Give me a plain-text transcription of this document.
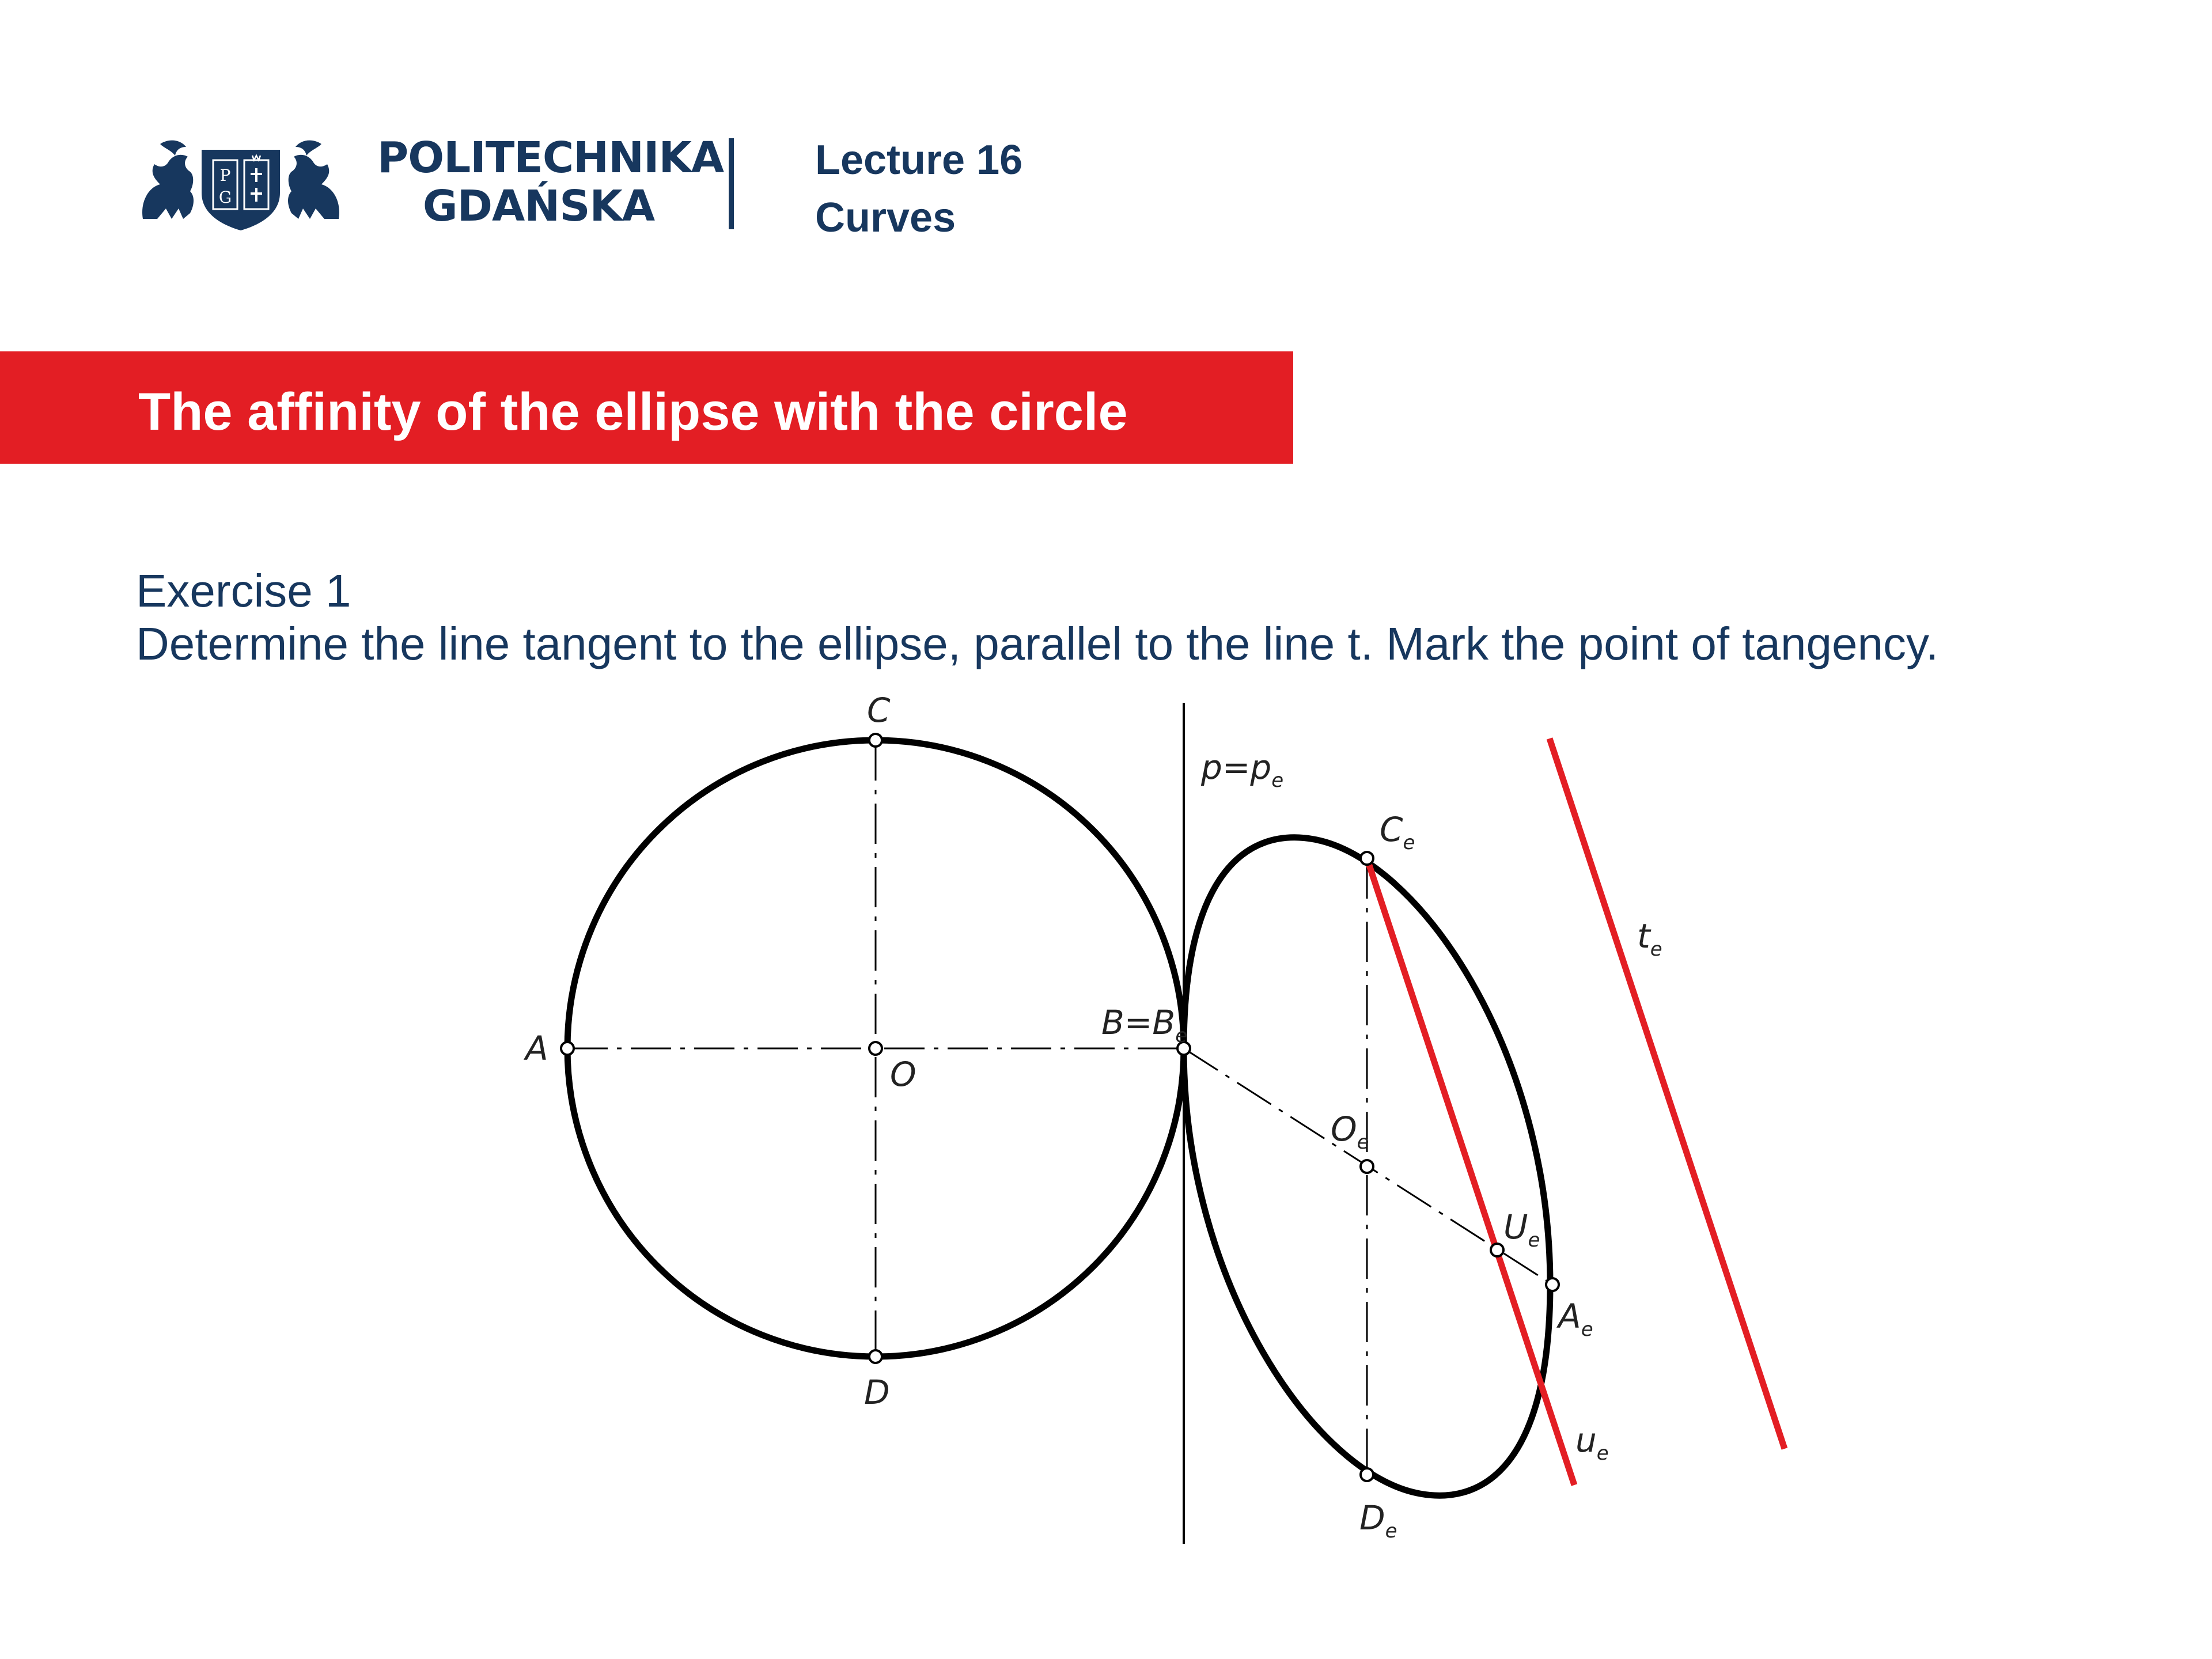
P
G
POLITECHNIKA
GDAŃSKA
Lecture 16
Curves
The affinity of the ellipse with the circle
Exercise 1
Determine the line tangent to the ellipse, parallel to the line t. Mark the point of tangency.
A
C
D
O
$B=B_e$
$p=p_e$
$C_e$
$O_e$
$U_e$
$A_e$
$D_e$
$t_e$
$u_e$
